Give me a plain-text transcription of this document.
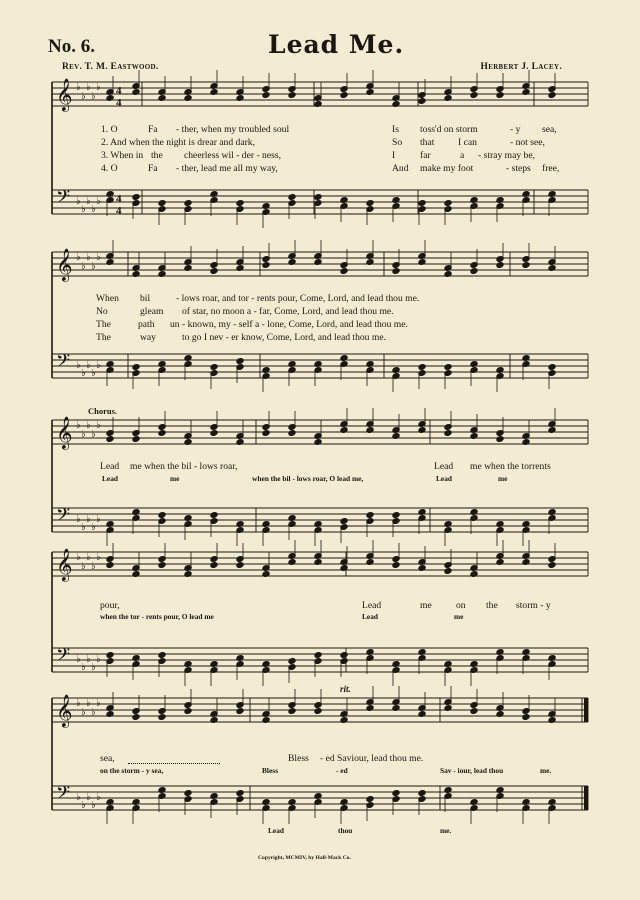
No. 6.	Lead Me.
Rev. T. M. Eastwood.	Herbert J. Lacey.
𝄞
𝄢
♭
♭
♭
♭
♭
♭
♭
♭
♭
♭
𝄞
𝄢
♭
♭
♭
♭
♭
♭
♭
♭
♭
♭
𝄞
𝄢
♭
♭
♭
♭
♭
♭
♭
♭
♭
♭
𝄞
𝄢
♭
♭
♭
♭
♭
♭
♭
♭
♭
♭
𝄞
𝄢
♭
♭
♭
♭
♭
♭
♭
♭
♭
♭
4
4
4
4
1. O	Fa - ther, when my troubled soul	Is toss'd on storm	- y sea,
2. And when the night is drear and dark,	So that I can	- not see,
3. When in the cheerless wil - der - ness,	I	far	a - stray may be,
4. O	Fa - ther, lead me all my way,	And make my foot	- steps free,
When bil	- lows roar, and tor - rents pour, Come, Lord, and lead thou me.
No	gleam of star, no moon a - far, Come, Lord, and lead thou me.
The	path un - known, my - self a - lone, Come, Lord, and lead thou me.
The	way	to go I nev - er know, Come, Lord, and lead thou me.
Chorus.
Lead me when the bil - lows roar,	Lead me when the torrents
Lead	me	when the bil - lows roar, O lead me,	Lead	me
pour,	Lead	me	on the storm - y
when the tor - rents pour, O lead me	Lead	me
rit.
sea,	Bless - ed Saviour, lead thou me.
on the storm - y sea,	Bless	- ed	Sav - iour, lead thou	me.
Lead	thou	me.
Copyright, MCMIV, by Hall-Mack Co.
